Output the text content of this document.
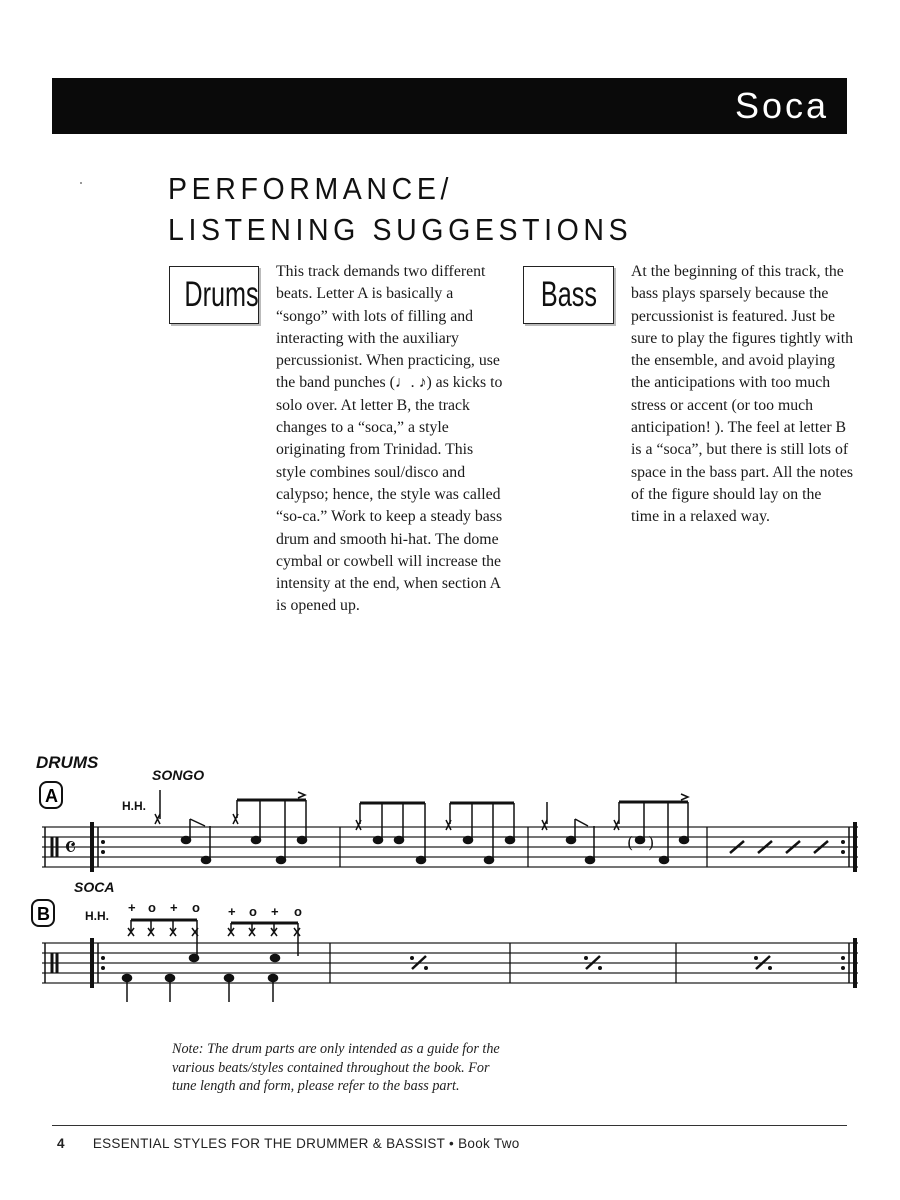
Soca
PERFORMANCE/
LISTENING SUGGESTIONS
Drums
This track demands two different beats. Letter A is basically a “songo” with lots of filling and interacting with the auxiliary percussionist. When practicing, use the band punches (♩. ♪) as kicks to solo over. At letter B, the track changes to a “soca,” a style originating from Trinidad. This style combines soul/disco and calypso; hence, the style was called “so-ca.” Work to keep a steady bass drum and smooth hi-hat. The dome cymbal or cowbell will increase the intensity at the end, when section A is opened up.
Bass
At the beginning of this track, the bass plays sparsely because the percussionist is featured. Just be sure to play the figures tightly with the ensemble, and avoid playing the anticipations with too much stress or accent (or too much anticipation! ). The feel at letter B is a “soca”, but there is still lots of space in the bass part. All the notes of the figure should lay on the time in a relaxed way.
DRUMS
SONGO
H.H.
SOCA
H.H.
A
B
𝄴	( )
+ o + o + o + o
Note: The drum parts are only intended as a guide for the various beats/styles contained throughout the book. For tune length and form, please refer to the bass part.
4 ESSENTIAL STYLES FOR THE DRUMMER & BASSIST • Book Two
